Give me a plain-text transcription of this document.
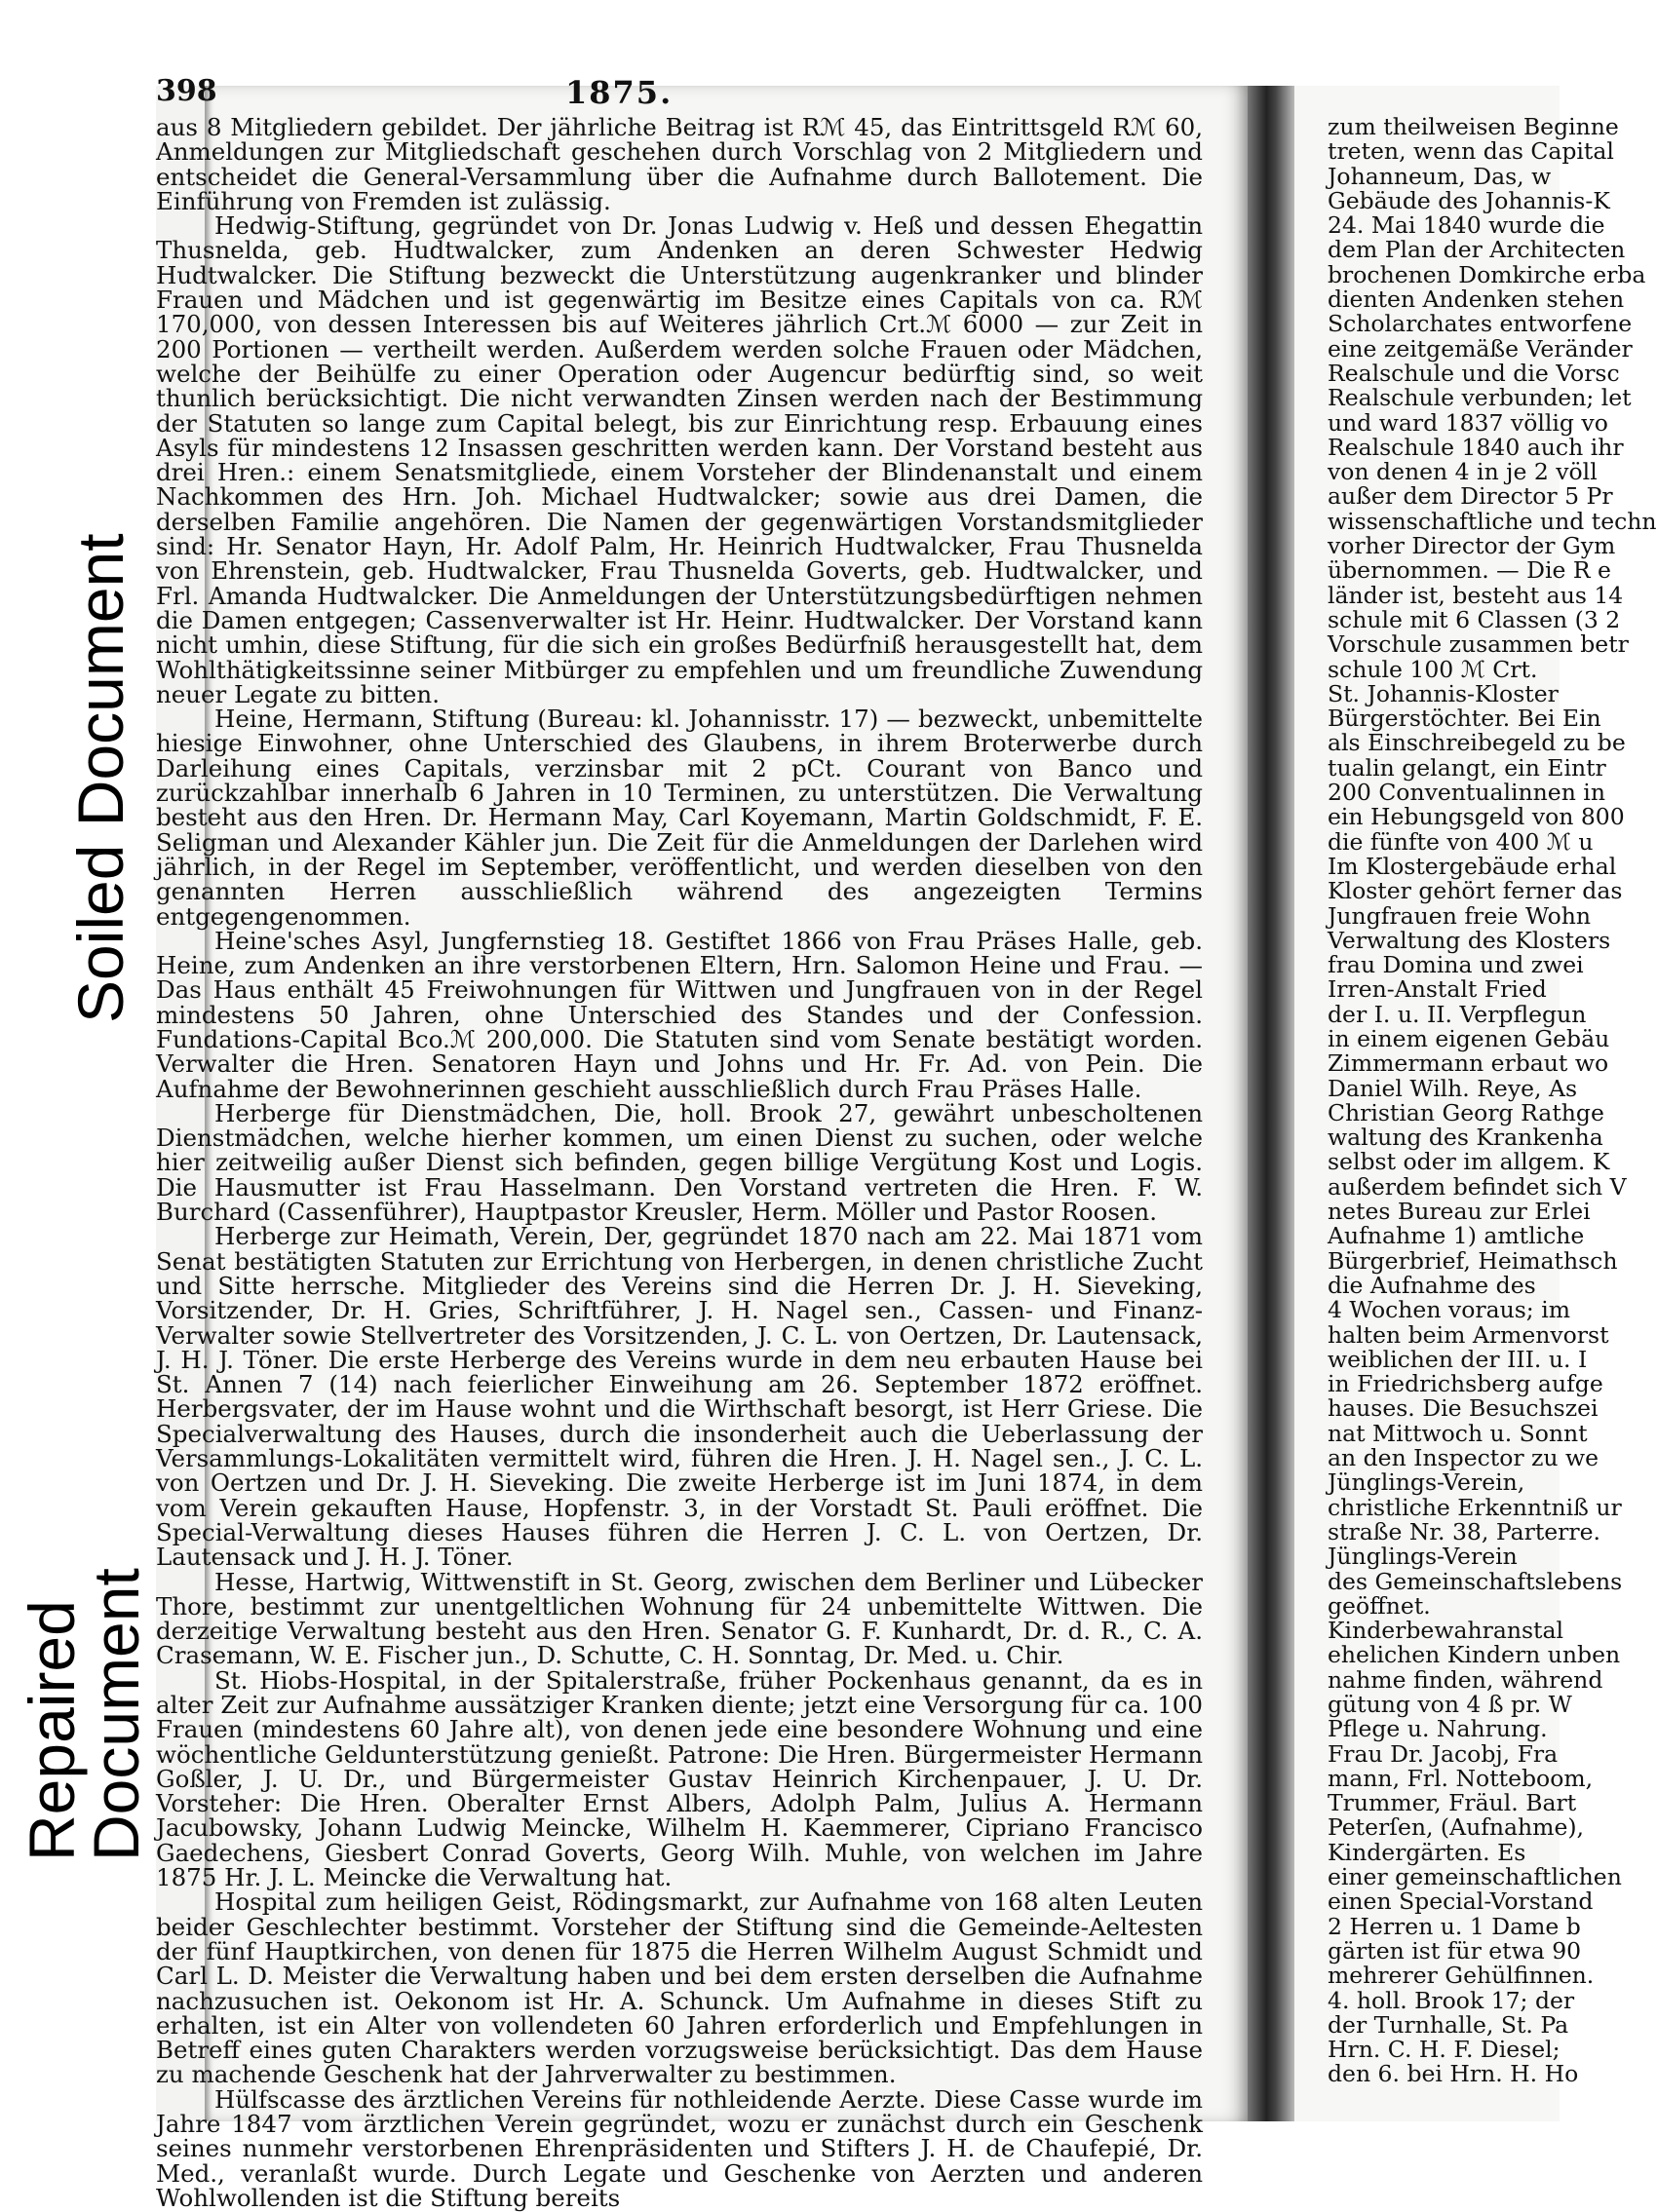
Soiled Document
Repaired
Document
398	1875.

aus 8 Mitgliedern gebildet. Der jährliche Beitrag ist Rℳ 45, das Eintrittsgeld Rℳ 60, Anmeldungen zur Mitgliedschaft geschehen durch Vorschlag von 2 Mitgliedern und entscheidet die General-Versammlung über die Aufnahme durch Ballotement. Die Einführung von Fremden ist zulässig.

Hedwig-Stiftung, gegründet von Dr. Jonas Ludwig v. Heß und dessen Ehegattin Thusnelda, geb. Hudtwalcker, zum Andenken an deren Schwester Hedwig Hudtwalcker. Die Stiftung bezweckt die Unterstützung augenkranker und blinder Frauen und Mädchen und ist gegenwärtig im Besitze eines Capitals von ca. Rℳ 170,000, von dessen Interessen bis auf Weiteres jährlich Crt.ℳ 6000 — zur Zeit in 200 Portionen — vertheilt werden. Außerdem werden solche Frauen oder Mädchen, welche der Beihülfe zu einer Operation oder Augencur bedürftig sind, so weit thunlich berücksichtigt. Die nicht verwandten Zinsen werden nach der Bestimmung der Statuten so lange zum Capital belegt, bis zur Einrichtung resp. Erbauung eines Asyls für mindestens 12 Insassen geschritten werden kann. Der Vorstand besteht aus drei Hren.: einem Senatsmitgliede, einem Vorsteher der Blindenanstalt und einem Nachkommen des Hrn. Joh. Michael Hudtwalcker; sowie aus drei Damen, die derselben Familie angehören. Die Namen der gegenwärtigen Vorstandsmitglieder sind: Hr. Senator Hayn, Hr. Adolf Palm, Hr. Heinrich Hudtwalcker, Frau Thusnelda von Ehrenstein, geb. Hudtwalcker, Frau Thusnelda Goverts, geb. Hudtwalcker, und Frl. Amanda Hudtwalcker. Die Anmeldungen der Unterstützungsbedürftigen nehmen die Damen entgegen; Cassenverwalter ist Hr. Heinr. Hudtwalcker. Der Vorstand kann nicht umhin, diese Stiftung, für die sich ein großes Bedürfniß herausgestellt hat, dem Wohlthätigkeitssinne seiner Mitbürger zu empfehlen und um freundliche Zuwendung neuer Legate zu bitten.

Heine, Hermann, Stiftung (Bureau: kl. Johannisstr. 17) — bezweckt, unbemittelte hiesige Einwohner, ohne Unterschied des Glaubens, in ihrem Broterwerbe durch Darleihung eines Capitals, verzinsbar mit 2 pCt. Courant von Banco und zurückzahlbar innerhalb 6 Jahren in 10 Terminen, zu unterstützen. Die Verwaltung besteht aus den Hren. Dr. Hermann May, Carl Koyemann, Martin Goldschmidt, F. E. Seligman und Alexander Kähler jun. Die Zeit für die Anmeldungen der Darlehen wird jährlich, in der Regel im September, veröffentlicht, und werden dieselben von den genannten Herren ausschließlich während des angezeigten Termins entgegengenommen.

Heine'sches Asyl, Jungfernstieg 18. Gestiftet 1866 von Frau Präses Halle, geb. Heine, zum Andenken an ihre verstorbenen Eltern, Hrn. Salomon Heine und Frau. — Das Haus enthält 45 Freiwohnungen für Wittwen und Jungfrauen von in der Regel mindestens 50 Jahren, ohne Unterschied des Standes und der Confession. Fundations-Capital Bco.ℳ 200,000. Die Statuten sind vom Senate bestätigt worden. Verwalter die Hren. Senatoren Hayn und Johns und Hr. Fr. Ad. von Pein. Die Aufnahme der Bewohnerinnen geschieht ausschließlich durch Frau Präses Halle.

Herberge für Dienstmädchen, Die, holl. Brook 27, gewährt unbescholtenen Dienstmädchen, welche hierher kommen, um einen Dienst zu suchen, oder welche hier zeitweilig außer Dienst sich befinden, gegen billige Vergütung Kost und Logis. Die Hausmutter ist Frau Hasselmann. Den Vorstand vertreten die Hren. F. W. Burchard (Cassenführer), Hauptpastor Kreusler, Herm. Möller und Pastor Roosen.

Herberge zur Heimath, Verein, Der, gegründet 1870 nach am 22. Mai 1871 vom Senat bestätigten Statuten zur Errichtung von Herbergen, in denen christliche Zucht und Sitte herrsche. Mitglieder des Vereins sind die Herren Dr. J. H. Sieveking, Vorsitzender, Dr. H. Gries, Schriftführer, J. H. Nagel sen., Cassen- und Finanz-Verwalter sowie Stellvertreter des Vorsitzenden, J. C. L. von Oertzen, Dr. Lautensack, J. H. J. Töner. Die erste Herberge des Vereins wurde in dem neu erbauten Hause bei St. Annen 7 (14) nach feierlicher Einweihung am 26. September 1872 eröffnet. Herbergsvater, der im Hause wohnt und die Wirthschaft besorgt, ist Herr Griese. Die Specialverwaltung des Hauses, durch die insonderheit auch die Ueberlassung der Versammlungs-Lokalitäten vermittelt wird, führen die Hren. J. H. Nagel sen., J. C. L. von Oertzen und Dr. J. H. Sieveking. Die zweite Herberge ist im Juni 1874, in dem vom Verein gekauften Hause, Hopfenstr. 3, in der Vorstadt St. Pauli eröffnet. Die Special-Verwaltung dieses Hauses führen die Herren J. C. L. von Oertzen, Dr. Lautensack und J. H. J. Töner.

Hesse, Hartwig, Wittwenstift in St. Georg, zwischen dem Berliner und Lübecker Thore, bestimmt zur unentgeltlichen Wohnung für 24 unbemittelte Wittwen. Die derzeitige Verwaltung besteht aus den Hren. Senator G. F. Kunhardt, Dr. d. R., C. A. Crasemann, W. E. Fischer jun., D. Schutte, C. H. Sonntag, Dr. Med. u. Chir.

St. Hiobs-Hospital, in der Spitalerstraße, früher Pockenhaus genannt, da es in alter Zeit zur Aufnahme aussätziger Kranken diente; jetzt eine Versorgung für ca. 100 Frauen (mindestens 60 Jahre alt), von denen jede eine besondere Wohnung und eine wöchentliche Geldunterstützung genießt. Patrone: Die Hren. Bürgermeister Hermann Goßler, J. U. Dr., und Bürgermeister Gustav Heinrich Kirchenpauer, J. U. Dr. Vorsteher: Die Hren. Oberalter Ernst Albers, Adolph Palm, Julius A. Hermann Jacubowsky, Johann Ludwig Meincke, Wilhelm H. Kaemmerer, Cipriano Francisco Gaedechens, Giesbert Conrad Goverts, Georg Wilh. Muhle, von welchen im Jahre 1875 Hr. J. L. Meincke die Verwaltung hat.

Hospital zum heiligen Geist, Rödingsmarkt, zur Aufnahme von 168 alten Leuten beider Geschlechter bestimmt. Vorsteher der Stiftung sind die Gemeinde-Aeltesten der fünf Hauptkirchen, von denen für 1875 die Herren Wilhelm August Schmidt und Carl L. D. Meister die Verwaltung haben und bei dem ersten derselben die Aufnahme nachzusuchen ist. Oekonom ist Hr. A. Schunck. Um Aufnahme in dieses Stift zu erhalten, ist ein Alter von vollendeten 60 Jahren erforderlich und Empfehlungen in Betreff eines guten Charakters werden vorzugsweise berücksichtigt. Das dem Hause zu machende Geschenk hat der Jahrverwalter zu bestimmen.

Hülfscasse des ärztlichen Vereins für nothleidende Aerzte. Diese Casse wurde im Jahre 1847 vom ärztlichen Verein gegründet, wozu er zunächst durch ein Geschenk seines nunmehr verstorbenen Ehrenpräsidenten und Stifters J. H. de Chaufepié, Dr. Med., veranlaßt wurde. Durch Legate und Geschenke von Aerzten und anderen Wohlwollenden ist die Stiftung bereits

zum theilweisen Beginne
treten, wenn das Capital
Johanneum, Das, w
Gebäude des Johannis-K
24. Mai 1840 wurde die
dem Plan der Architecten
brochenen Domkirche erba
dienten Andenken stehen
Scholarchates entworfene
eine zeitgemäße Veränder
Realschule und die Vorsc
Realschule verbunden; let
und ward 1837 völlig vo
Realschule 1840 auch ihr
von denen 4 in je 2 völl
außer dem Director 5 Pr
wissenschaftliche und techn
vorher Director der Gym
übernommen. — Die R e
länder ist, besteht aus 14
schule mit 6 Classen (3 2
Vorschule zusammen betr
schule 100 ℳ Crt.
St. Johannis-Kloster
Bürgerstöchter. Bei Ein
als Einschreibegeld zu be
tualin gelangt, ein Eintr
200 Conventualinnen in
ein Hebungsgeld von 800
die fünfte von 400 ℳ u
Im Klostergebäude erhal
Kloster gehört ferner das
Jungfrauen freie Wohn
Verwaltung des Klosters
frau Domina und zwei
Irren-Anstalt Fried
der I. u. II. Verpflegun
in einem eigenen Gebäu
Zimmermann erbaut wo
Daniel Wilh. Reye, As
Christian Georg Rathge
waltung des Krankenha
selbst oder im allgem. K
außerdem befindet sich V
netes Bureau zur Erlei
Aufnahme 1) amtliche
Bürgerbrief, Heimathsch
die Aufnahme des
4 Wochen voraus; im
halten beim Armenvorst
weiblichen der III. u. I
in Friedrichsberg aufge
hauses. Die Besuchszei
nat Mittwoch u. Sonnt
an den Inspector zu we
Jünglings-Verein,
christliche Erkenntniß ur
straße Nr. 38, Parterre.
Jünglings-Verein
des Gemeinschaftslebens
geöffnet.
Kinderbewahranstal
ehelichen Kindern unben
nahme finden, während
gütung von 4 ß pr. W
Pflege u. Nahrung.
Frau Dr. Jacobj, Fra
mann, Frl. Notteboom,
Trummer, Fräul. Bart
Peterſen, (Aufnahme),
Kindergärten. Es
einer gemeinschaftlichen
einen Special-Vorstand
2 Herren u. 1 Dame b
gärten ist für etwa 90
mehrerer Gehülfinnen.
4. holl. Brook 17; der
der Turnhalle, St. Pa
Hrn. C. H. F. Diesel;
den 6. bei Hrn. H. Ho
